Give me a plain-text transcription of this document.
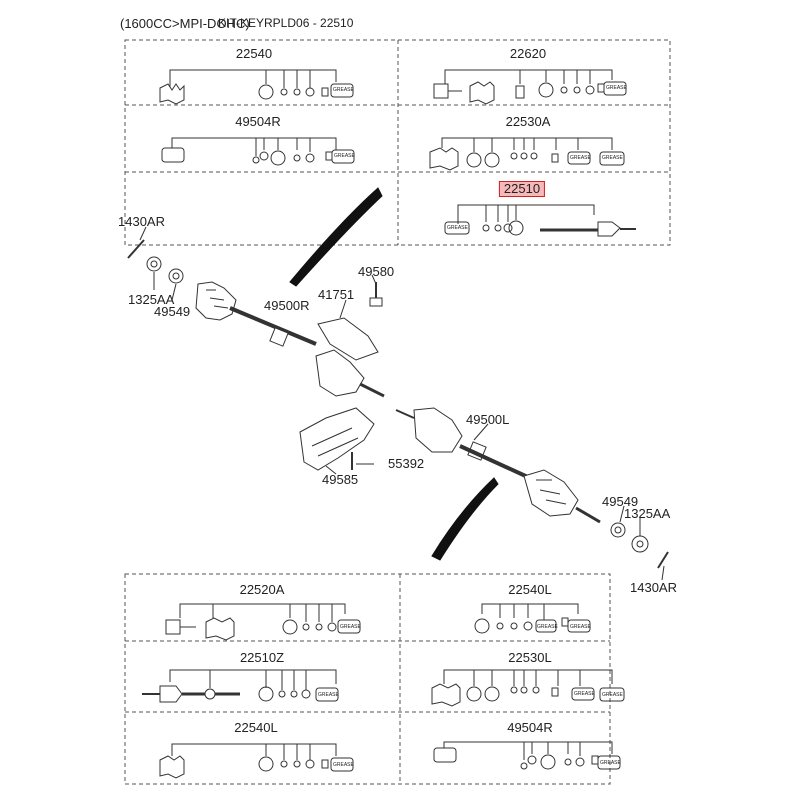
(1600CC>MPI-DOHC)
KIT-KEYRPLD06 - 22510
22540	22620
49504R	22530A
22510
GREASE	GREASE
GREASE	GREASE GREASE
GREASE
1430AR
1325AA
49549	49500R
41751
49580
55392
49585
49500L
49549
1325AA
1430AR
22520A	22540L
22510Z	22530L
22540L	49504R
GREASE	GREASE GREASE
GREASE	GREASE GREASE
GREASE	GREASE
